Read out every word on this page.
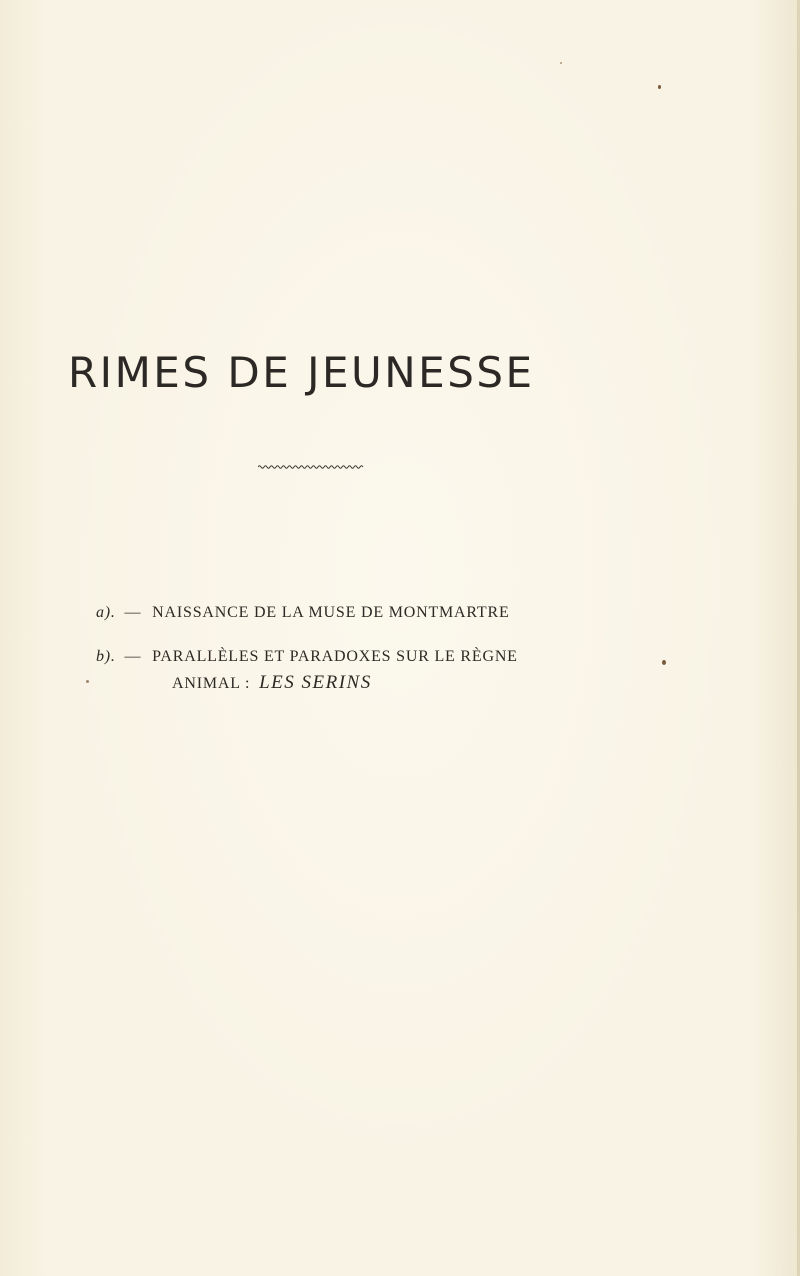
RIMES DE JEUNESSE
a). — NAISSANCE DE LA MUSE DE MONTMARTRE
b). — PARALLÈLES ET PARADOXES SUR LE RÈGNE
ANIMAL : LES SERINS
